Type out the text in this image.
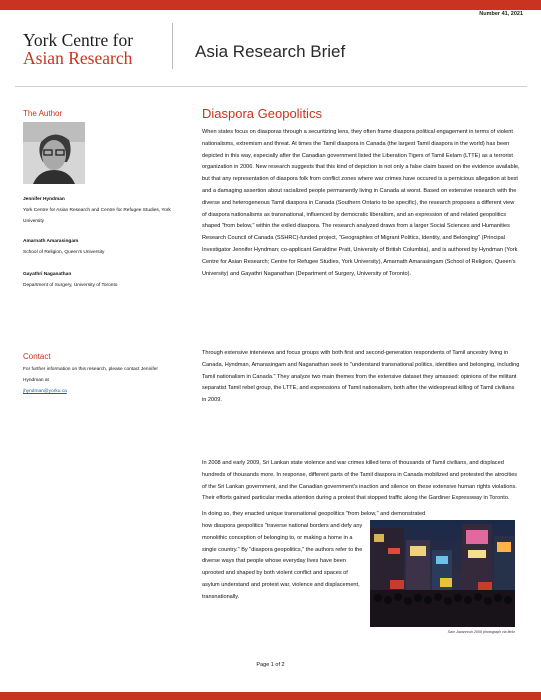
Number 41, 2021
York Centre for
Asian Research	Asia Research Brief
The Author
Jennifer Hyndman
York Centre for Asian Research and Centre for Refugee Studies, York University
Amarnath Amarasingam
School of Religion, Queen's University
Gayathri Naganathan
Department of Surgery, University of Toronto
Contact
For further information on this research, please contact Jennifer Hyndman at
jhyndman@yorku.ca
Diaspora Geopolitics

When states focus on diasporas through a securitizing lens, they often frame diaspora political engagement in terms of violent nationalisms, extremism and threat. At times the Tamil diaspora in Canada (the largest Tamil diaspora in the world) has been depicted in this way, especially after the Canadian government listed the Liberation Tigers of Tamil Eelam (LTTE) as a terrorist organization in 2006. New research suggests that this kind of depiction is not only a false claim based on the evidence available, but that any representation of diaspora folk from conflict zones where war crimes have occured is a pernicious allegation at best and a damaging assertion about racialized people permanently living in Canada at worst. Based on extensive research with the diverse and heterogeneous Tamil diaspora in Canada (Southern Ontario to be specific), the research proposes a different view of diaspora nationalisms as transnational, influenced by democratic liberalism, and an expression of and related geopolitics shaped "from below," within the exiled diaspora. The research analyzed draws from a larger Social Sciences and Humanities Research Council of Canada (SSHRC)-funded project, "Geographies of Migrant Politics, Identity, and Belonging" (Principal Investigator Jennifer Hyndman; co-applicant Geraldine Pratt, University of British Columbia), and is authored by Hyndman (York Centre for Asian Research; Centre for Refugee Studies, York University), Amarnath Amarasingam (School of Religion, Queen's University) and Gayathri Naganathan (Department of Surgery, University of Toronto).

Through extensive interviews and focus groups with both first and second-generation respondents of Tamil ancestry living in Canada, Hyndman, Amarasingam and Naganathan seek to "understand transnational politics, identities and belonging, including Tamil nationalism in Canada." They analyze two main themes from the extensive dataset they amassed: opinions of the militant separatist Tamil rebel group, the LTTE, and expressions of Tamil nationalism, both after the widespread killing of Tamil civilians in 2009.

In 2008 and early 2009, Sri Lankan state violence and war crimes killed tens of thousands of Tamil civilians, and displaced hundreds of thousands more. In response, different parts of the Tamil diaspora in Canada mobilized and protested the atrocities of the Sri Lankan government, and the Canadian government's inaction and silence on these extensive human rights violations. Their efforts gained particular media attention during a protest that stopped traffic along the Gardiner Expressway in Toronto.

In doing so, they enacted unique transnational geopolitics "from below," and demonstrated

how diaspora geopolitics "traverse national borders and defy any monolithic conception of belonging to, or making a home in a single country." By "diaspora geopolitics," the authors refer to the diverse ways that people whose everyday lives have been uprooted and shaped by both violent conflict and spaces of asylum understand and protest war, violence and displacement, transnationally.

Sam Javanrouh 2009 photograph via flickr
Page 1 of 2
